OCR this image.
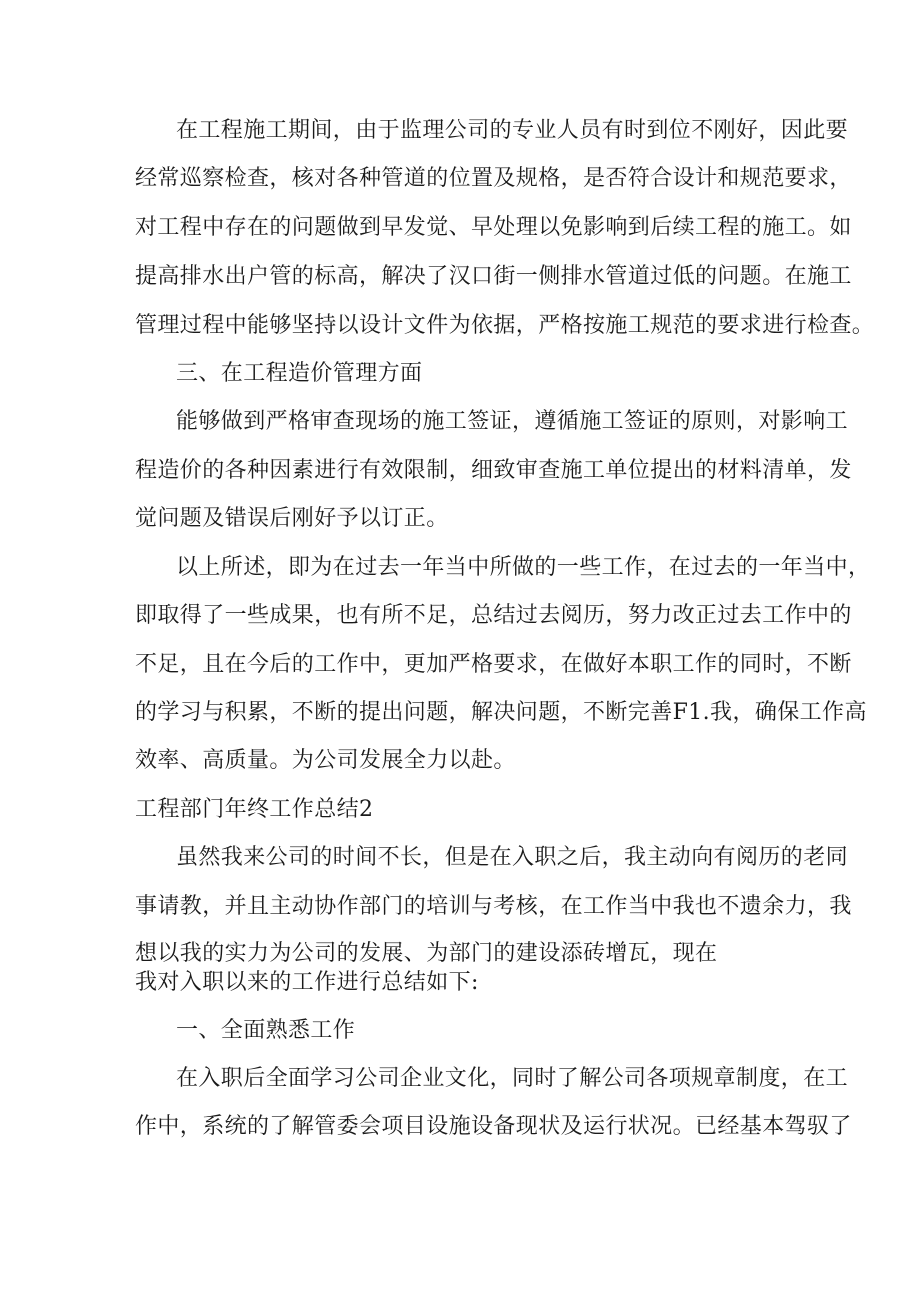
在工程施工期间，由于监理公司的专业人员有时到位不刚好，因此要
经常巡察检查，核对各种管道的位置及规格，是否符合设计和规范要求，
对工程中存在的问题做到早发觉、早处理以免影响到后续工程的施工。如
提高排水出户管的标高，解决了汉口街一侧排水管道过低的问题。在施工
管理过程中能够坚持以设计文件为依据，严格按施工规范的要求进行检查。
三、在工程造价管理方面
能够做到严格审查现场的施工签证，遵循施工签证的原则，对影响工
程造价的各种因素进行有效限制，细致审查施工单位提出的材料清单，发
觉问题及错误后刚好予以订正。
以上所述，即为在过去一年当中所做的一些工作，在过去的一年当中，
即取得了一些成果，也有所不足，总结过去阅历，努力改正过去工作中的
不足，且在今后的工作中，更加严格要求，在做好本职工作的同时，不断
的学习与积累，不断的提出问题，解决问题，不断完善F1.我，确保工作高
效率、高质量。为公司发展全力以赴。
工程部门年终工作总结2
虽然我来公司的时间不长，但是在入职之后，我主动向有阅历的老同
事请教，并且主动协作部门的培训与考核，在工作当中我也不遗余力，我
想以我的实力为公司的发展、为部门的建设添砖增瓦，现在
我对入职以来的工作进行总结如下:
一、全面熟悉工作
在入职后全面学习公司企业文化，同时了解公司各项规章制度，在工
作中，系统的了解管委会项目设施设备现状及运行状况。已经基本驾驭了
